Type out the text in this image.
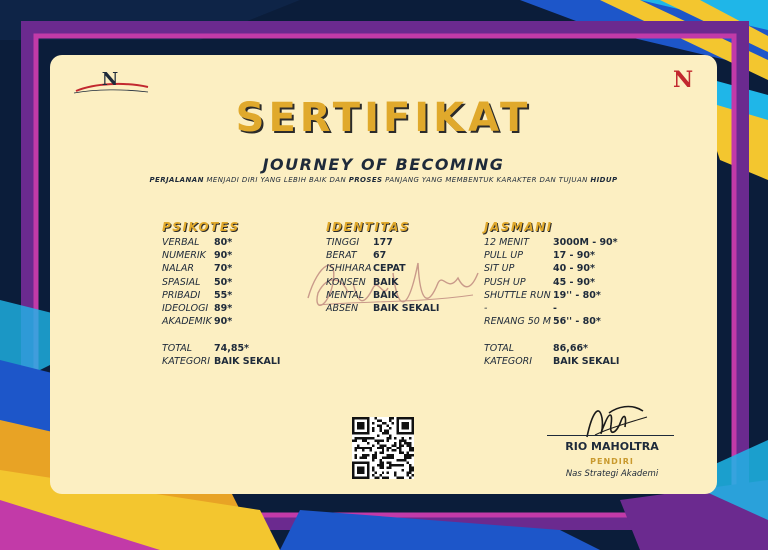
N	N
SERTIFIKAT
JOURNEY OF BECOMING
PERJALANAN MENJADI DIRI YANG LEBIH BAIK DAN PROSES PANJANG YANG MEMBENTUK KARAKTER DAN TUJUAN HIDUP
PSIKOTES
VERBAL	80*
NUMERIK 90*
NALAR	70*
SPASIAL	50*
PRIBADI	55*
IDEOLOGI 89*
AKADEMIK 90*
TOTAL	74,85*
KATEGORI BAIK SEKALI
IDENTITAS
TINGGI	177
BERAT	67
ISHIHARA CEPAT
KONSEN BAIK
MENTAL BAIK
ABSEN	BAIK SEKALI
JASMANI
12 MENIT	3000M - 90*
PULL UP	17 - 90*
SIT UP	40 - 90*
PUSH UP	45 - 90*
SHUTTLE RUN 19'' - 80*
-	-
RENANG 50 M 56'' - 80*
TOTAL	86,66*
KATEGORI	BAIK SEKALI
RIO MAHOLTRA
PENDIRI
Nas Strategi Akademi
